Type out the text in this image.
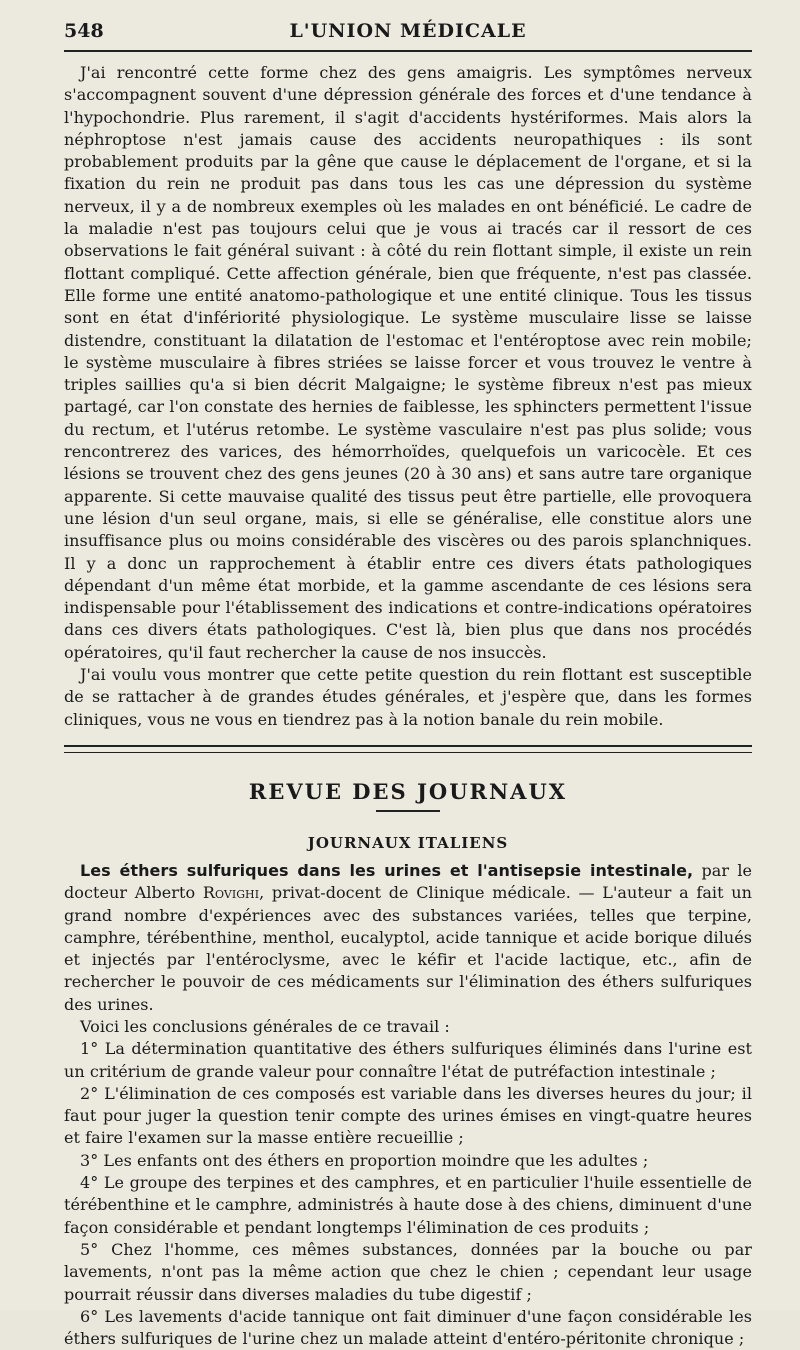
548	L'UNION MÉDICALE

J'ai rencontré cette forme chez des gens amaigris. Les symptômes nerveux s'accompagnent souvent d'une dépression générale des forces et d'une tendance à l'hypochondrie. Plus rarement, il s'agit d'accidents hystériformes. Mais alors la néphroptose n'est jamais cause des accidents neuropathiques : ils sont probablement produits par la gêne que cause le déplacement de l'organe, et si la fixation du rein ne produit pas dans tous les cas une dépression du système nerveux, il y a de nombreux exemples où les malades en ont bénéficié. Le cadre de la maladie n'est pas toujours celui que je vous ai tracés car il ressort de ces observations le fait général suivant : à côté du rein flottant simple, il existe un rein flottant compliqué. Cette affection générale, bien que fréquente, n'est pas classée. Elle forme une entité anatomo-pathologique et une entité clinique. Tous les tissus sont en état d'infériorité physiologique. Le système musculaire lisse se laisse distendre, constituant la dilatation de l'estomac et l'entéroptose avec rein mobile; le système musculaire à fibres striées se laisse forcer et vous trouvez le ventre à triples saillies qu'a si bien décrit Malgaigne; le système fibreux n'est pas mieux partagé, car l'on constate des hernies de faiblesse, les sphincters permettent l'issue du rectum, et l'utérus retombe. Le système vasculaire n'est pas plus solide; vous rencontrerez des varices, des hémorrhoïdes, quelquefois un varicocèle. Et ces lésions se trouvent chez des gens jeunes (20 à 30 ans) et sans autre tare organique apparente. Si cette mauvaise qualité des tissus peut être partielle, elle provoquera une lésion d'un seul organe, mais, si elle se généralise, elle constitue alors une insuffisance plus ou moins considérable des viscères ou des parois splanchniques. Il y a donc un rapprochement à établir entre ces divers états pathologiques dépendant d'un même état morbide, et la gamme ascendante de ces lésions sera indispensable pour l'établissement des indications et contre-indications opératoires dans ces divers états pathologiques. C'est là, bien plus que dans nos procédés opératoires, qu'il faut rechercher la cause de nos insuccès.

J'ai voulu vous montrer que cette petite question du rein flottant est susceptible de se rattacher à de grandes études générales, et j'espère que, dans les formes cliniques, vous ne vous en tiendrez pas à la notion banale du rein mobile.

REVUE DES JOURNAUX
JOURNAUX ITALIENS

Les éthers sulfuriques dans les urines et l'antisepsie intestinale, par le docteur Alberto Rovighi, privat-docent de Clinique médicale. — L'auteur a fait un grand nombre d'expériences avec des substances variées, telles que terpine, camphre, térébenthine, menthol, eucalyptol, acide tannique et acide borique dilués et injectés par l'entéroclysme, avec le kéfir et l'acide lactique, etc., afin de rechercher le pouvoir de ces médicaments sur l'élimination des éthers sulfuriques des urines.

Voici les conclusions générales de ce travail :

1° La détermination quantitative des éthers sulfuriques éliminés dans l'urine est un critérium de grande valeur pour connaître l'état de putréfaction intestinale ;

2° L'élimination de ces composés est variable dans les diverses heures du jour; il faut pour juger la question tenir compte des urines émises en vingt-quatre heures et faire l'examen sur la masse entière recueillie ;

3° Les enfants ont des éthers en proportion moindre que les adultes ;

4° Le groupe des terpines et des camphres, et en particulier l'huile essentielle de térébenthine et le camphre, administrés à haute dose à des chiens, diminuent d'une façon considérable et pendant longtemps l'élimination de ces produits ;

5° Chez l'homme, ces mêmes substances, données par la bouche ou par lavements, n'ont pas la même action que chez le chien ; cependant leur usage pourrait réussir dans diverses maladies du tube digestif ;

6° Les lavements d'acide tannique ont fait diminuer d'une façon considérable les éthers sulfuriques de l'urine chez un malade atteint d'entéro-péritonite chronique ;
